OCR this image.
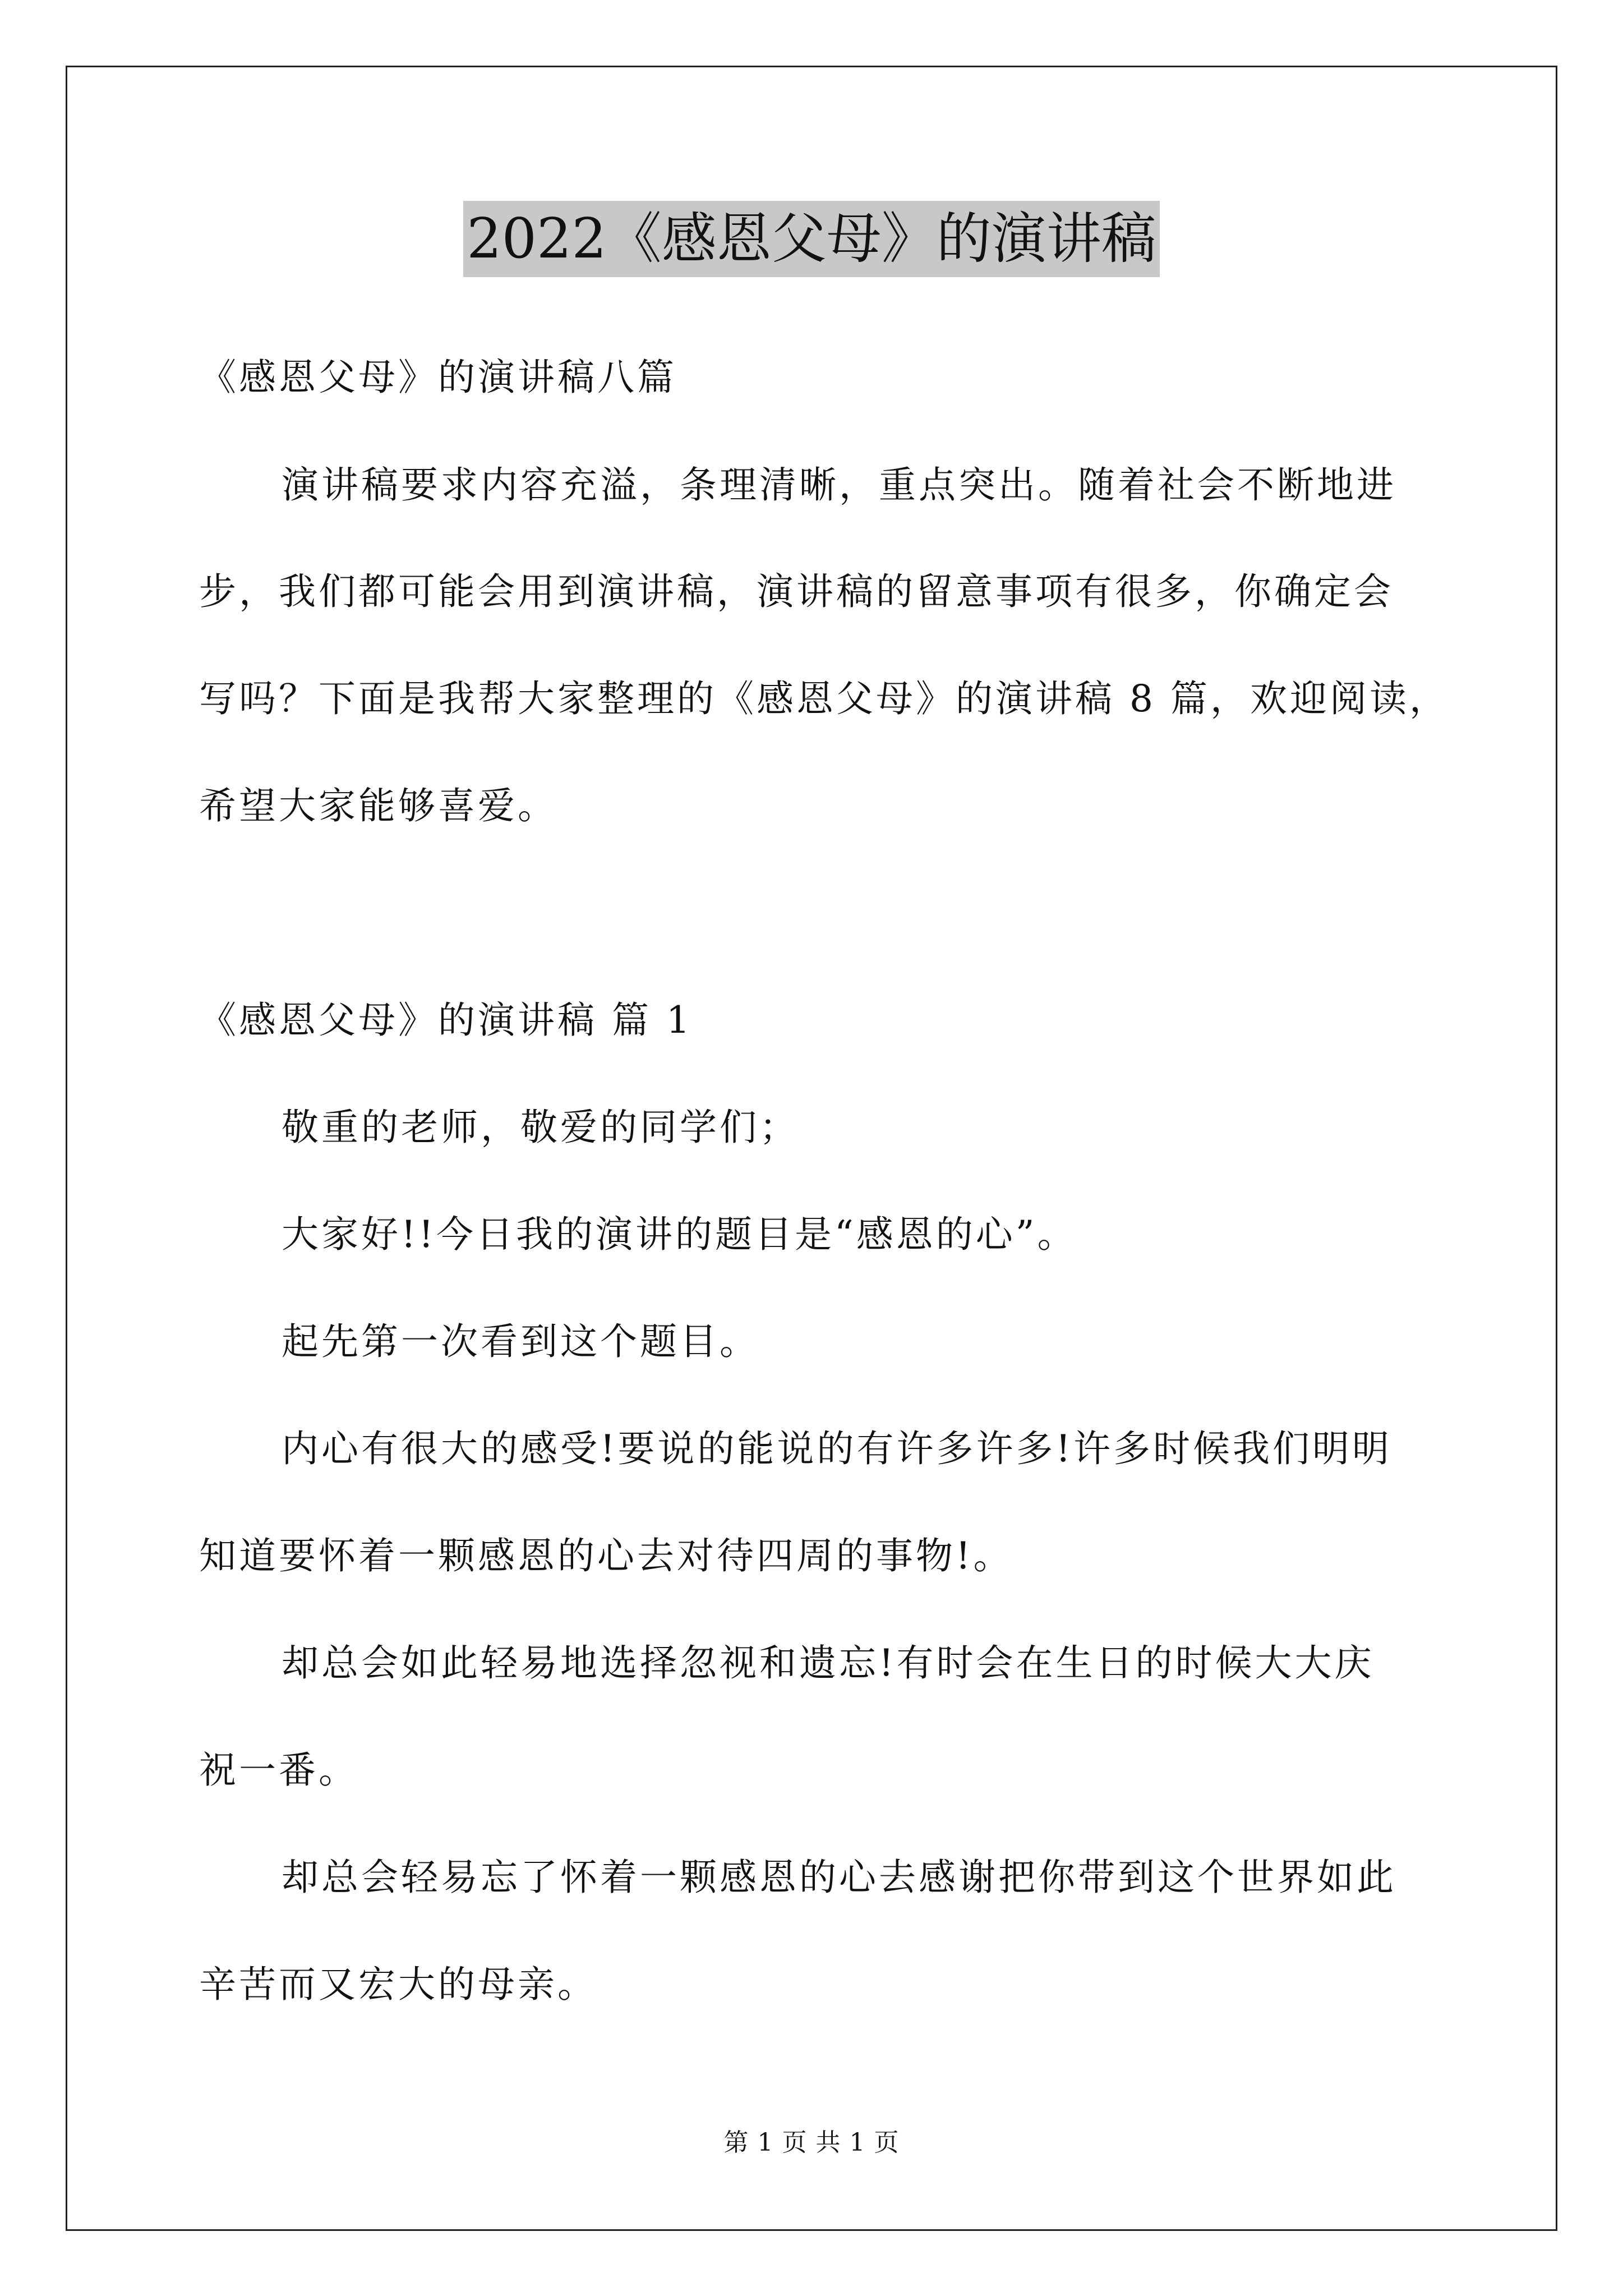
2022《感恩父母》的演讲稿
《感恩父母》的演讲稿八篇
演讲稿要求内容充溢，条理清晰，重点突出。随着社会不断地进
步，我们都可能会用到演讲稿，演讲稿的留意事项有很多，你确定会
写吗？下面是我帮大家整理的《感恩父母》的演讲稿 8 篇，欢迎阅读，
希望大家能够喜爱。
《感恩父母》的演讲稿 篇 1
敬重的老师，敬爱的同学们；
大家好!!今日我的演讲的题目是“感恩的心”。
起先第一次看到这个题目。
内心有很大的感受!要说的能说的有许多许多!许多时候我们明明
知道要怀着一颗感恩的心去对待四周的事物!。
却总会如此轻易地选择忽视和遗忘!有时会在生日的时候大大庆
祝一番。
却总会轻易忘了怀着一颗感恩的心去感谢把你带到这个世界如此
辛苦而又宏大的母亲。
第 1 页 共 1 页
